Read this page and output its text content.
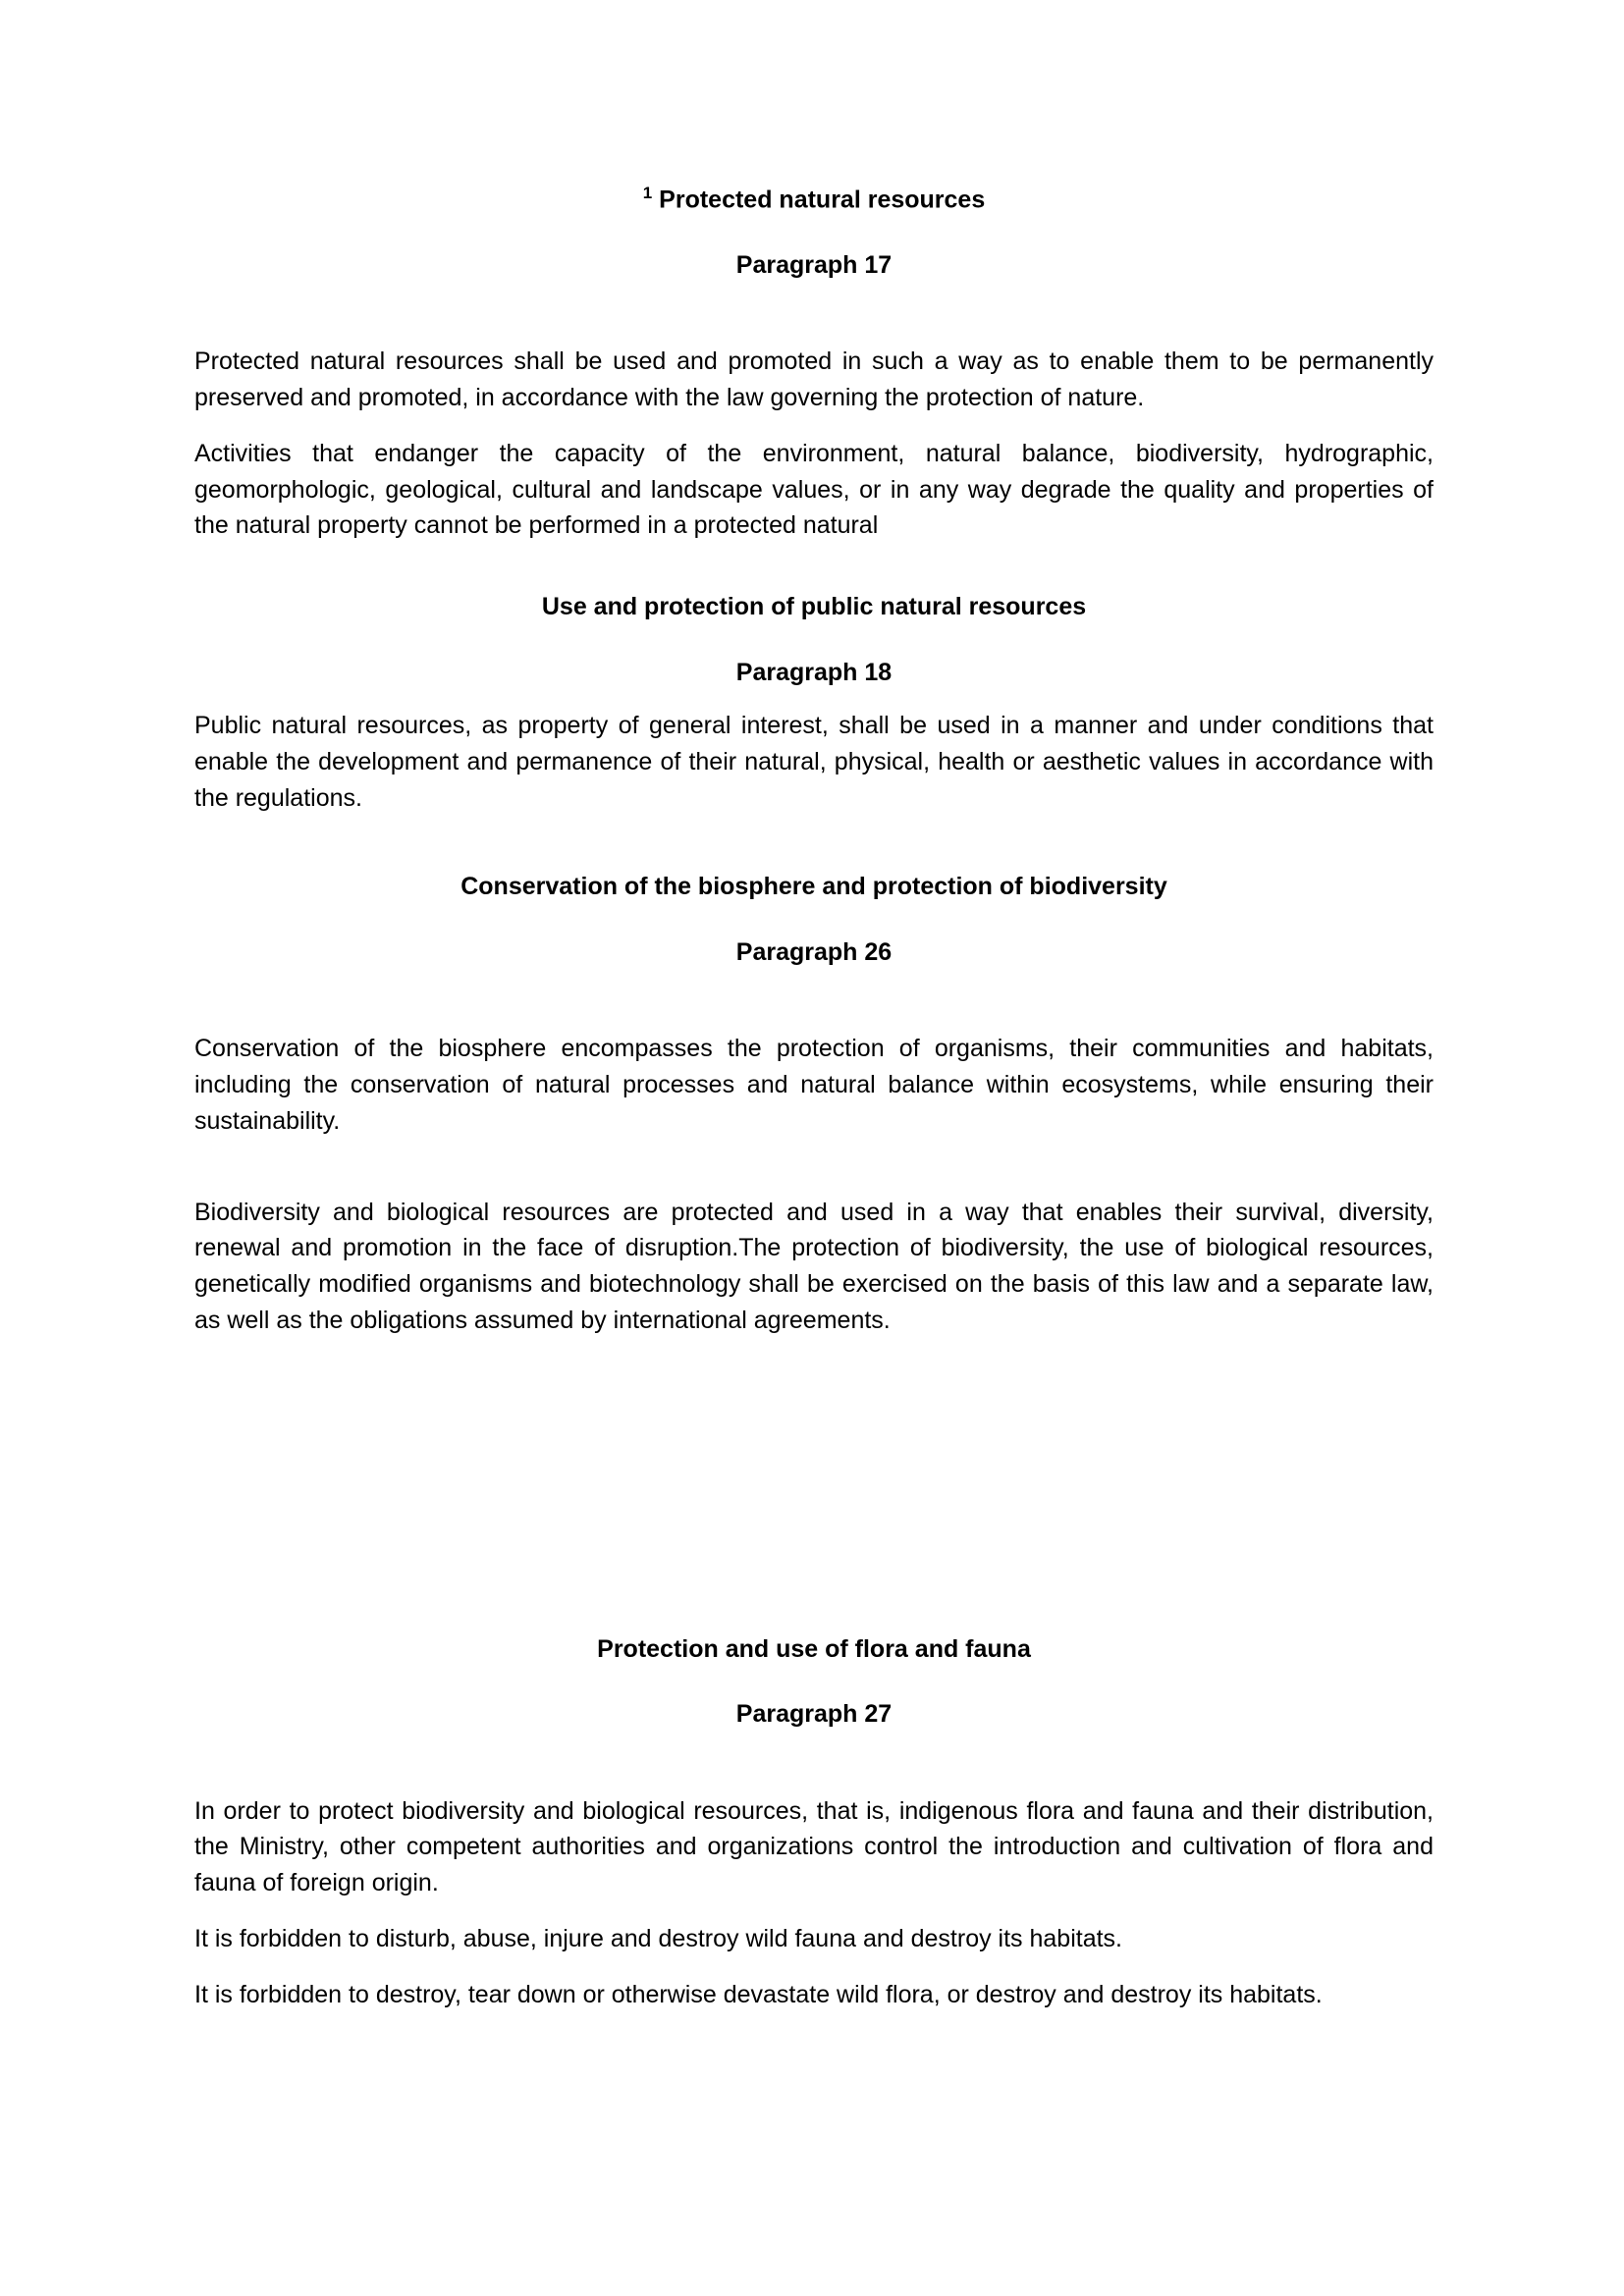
$^1$ Protected natural resources
Paragraph 17

Protected natural resources shall be used and promoted in such a way as to enable them to be permanently preserved and promoted, in accordance with the law governing the protection of nature.

Activities that endanger the capacity of the environment, natural balance, biodiversity, hydrographic, geomorphologic, geological, cultural and landscape values, or in any way degrade the quality and properties of the natural property cannot be performed in a protected natural

Use and protection of public natural resources
Paragraph 18

Public natural resources, as property of general interest, shall be used in a manner and under conditions that enable the development and permanence of their natural, physical, health or aesthetic values in accordance with the regulations.

Conservation of the biosphere and protection of biodiversity
Paragraph 26

Conservation of the biosphere encompasses the protection of organisms, their communities and habitats, including the conservation of natural processes and natural balance within ecosystems, while ensuring their sustainability.

Biodiversity and biological resources are protected and used in a way that enables their survival, diversity, renewal and promotion in the face of disruption.The protection of biodiversity, the use of biological resources, genetically modified organisms and biotechnology shall be exercised on the basis of this law and a separate law, as well as the obligations assumed by international agreements.

Protection and use of flora and fauna
Paragraph 27

In order to protect biodiversity and biological resources, that is, indigenous flora and fauna and their distribution, the Ministry, other competent authorities and organizations control the introduction and cultivation of flora and fauna of foreign origin.

It is forbidden to disturb, abuse, injure and destroy wild fauna and destroy its habitats.

It is forbidden to destroy, tear down or otherwise devastate wild flora, or destroy and destroy its habitats.
